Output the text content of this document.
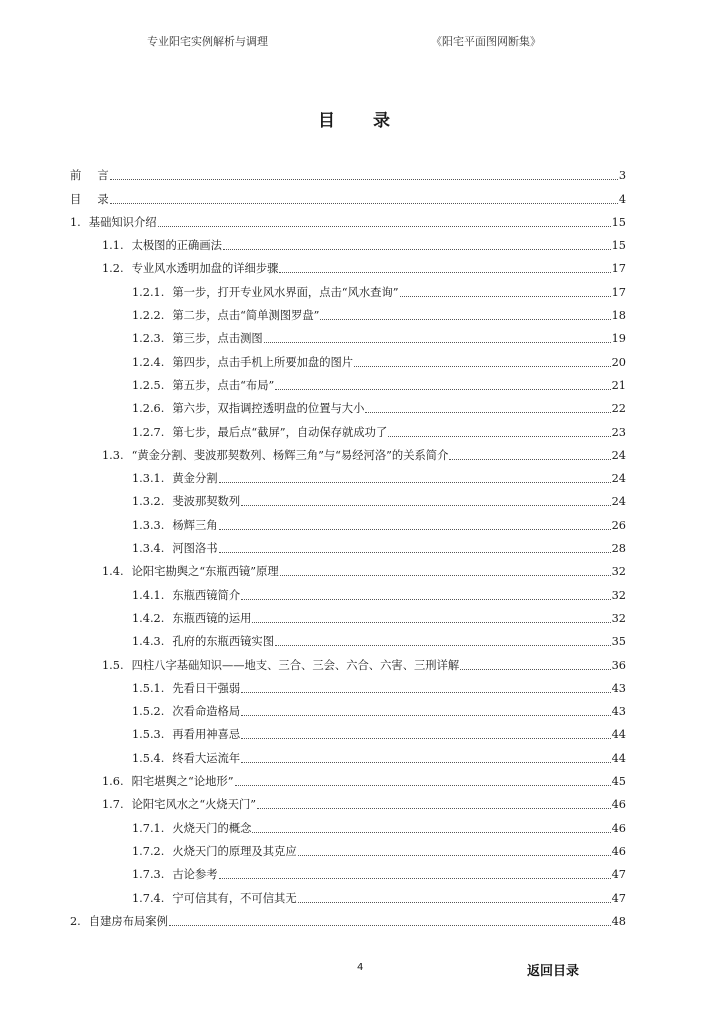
专业阳宅实例解析与调理	《阳宅平面图网断集》
目 录
前 言	3
目 录	4
1. 基础知识介绍	15
1.1. 太极图的正确画法	15
1.2. 专业风水透明加盘的详细步骤	17
1.2.1. 第一步，打开专业风水界面，点击“风水查询”	17
1.2.2. 第二步，点击“简单测图罗盘”	18
1.2.3. 第三步，点击测图	19
1.2.4. 第四步，点击手机上所要加盘的图片	20
1.2.5. 第五步，点击“布局”	21
1.2.6. 第六步，双指调控透明盘的位置与大小	22
1.2.7. 第七步，最后点“截屏”，自动保存就成功了	23
1.3. “黄金分割、斐波那契数列、杨辉三角”与“易经河洛”的关系简介	24
1.3.1. 黄金分割	24
1.3.2. 斐波那契数列	24
1.3.3. 杨辉三角	26
1.3.4. 河图洛书	28
1.4. 论阳宅勘舆之“东瓶西镜”原理	32
1.4.1. 东瓶西镜简介	32
1.4.2. 东瓶西镜的运用	32
1.4.3. 孔府的东瓶西镜实图	35
1.5. 四柱八字基础知识——地支、三合、三会、六合、六害、三刑详解	36
1.5.1. 先看日干强弱	43
1.5.2. 次看命造格局	43
1.5.3. 再看用神喜忌	44
1.5.4. 终看大运流年	44
1.6. 阳宅堪舆之“论地形”	45
1.7. 论阳宅风水之“火烧天门”	46
1.7.1. 火烧天门的概念	46
1.7.2. 火烧天门的原理及其克应	46
1.7.3. 古论参考	47
1.7.4. 宁可信其有，不可信其无	47
2. 自建房布局案例	48
4	返回目录
